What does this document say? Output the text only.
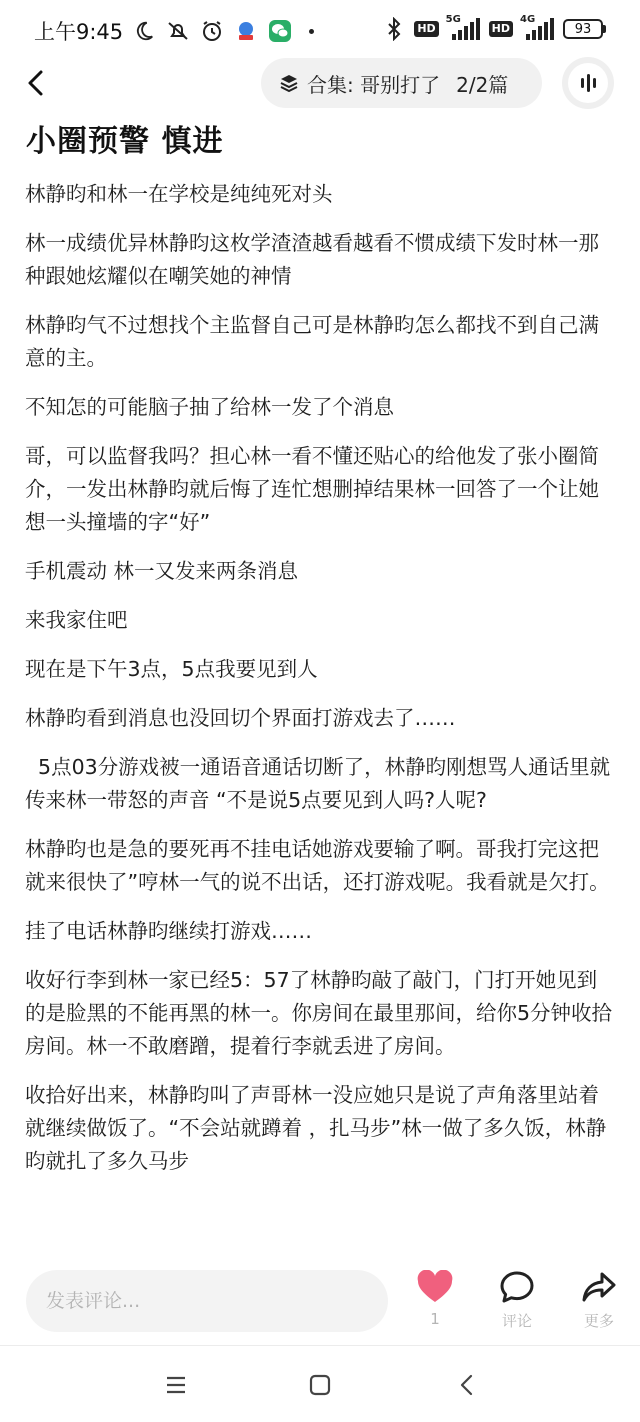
上午9:45	HD
5G
HD
4G
93
合集: 哥别打了 2/2篇
小圈预警 慎进

林静昀和林一在学校是纯纯死对头

林一成绩优异林静昀这枚学渣渣越看越看不惯成绩下发时林一那种跟她炫耀似在嘲笑她的神情

林静昀气不过想找个主监督自己可是林静昀怎么都找不到自己满意的主。

不知怎的可能脑子抽了给林一发了个消息

哥，可以监督我吗？担心林一看不懂还贴心的给他发了张小圈简介，一发出林静昀就后悔了连忙想删掉结果林一回答了一个让她想一头撞墙的字“好”

手机震动 林一又发来两条消息

来我家住吧

现在是下午3点，5点我要见到人

林静昀看到消息也没回切个界面打游戏去了……

5点03分游戏被一通语音通话切断了，林静昀刚想骂人通话里就传来林一带怒的声音 “不是说5点要见到人吗?人呢?

林静昀也是急的要死再不挂电话她游戏要输了啊。哥我打完这把就来很快了”哼林一气的说不出话，还打游戏呢。我看就是欠打。

挂了电话林静昀继续打游戏……

收好行李到林一家已经5：57了林静昀敲了敲门，门打开她见到的是脸黑的不能再黑的林一。你房间在最里那间，给你5分钟收拾房间。林一不敢磨蹭，提着行李就丢进了房间。

收拾好出来，林静昀叫了声哥林一没应她只是说了声角落里站着就继续做饭了。“不会站就蹲着 ，扎马步”林一做了多久饭，林静昀就扎了多久马步

发表评论...
1	评论	更多
